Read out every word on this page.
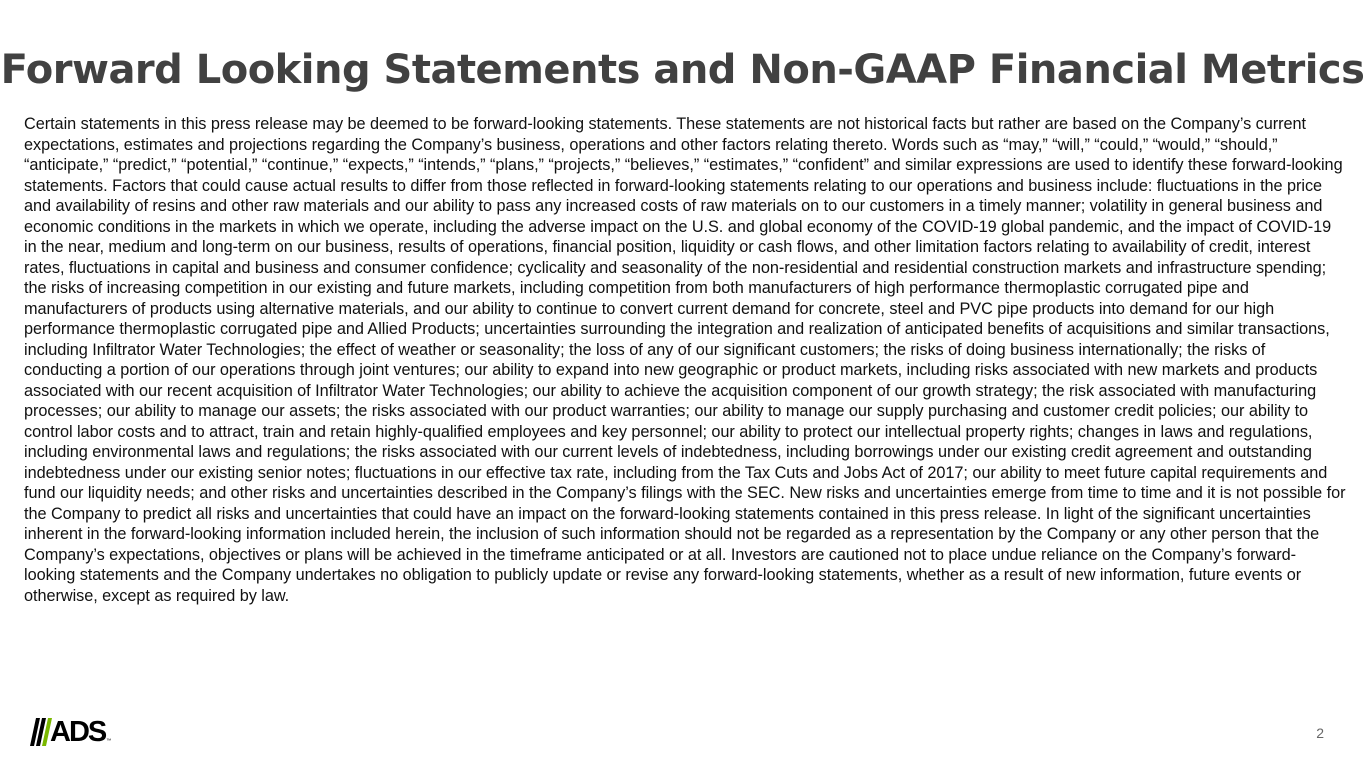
Forward Looking Statements and Non-GAAP Financial Metrics

Certain statements in this press release may be deemed to be forward-looking statements. These statements are not historical facts but rather are based on the Company’s current expectations, estimates and projections regarding the Company’s business, operations and other factors relating thereto. Words such as “may,” “will,” “could,” “would,” “should,” “anticipate,” “predict,” “potential,” “continue,” “expects,” “intends,” “plans,” “projects,” “believes,” “estimates,” “confident” and similar expressions are used to identify these forward-looking statements. Factors that could cause actual results to differ from those reflected in forward-looking statements relating to our operations and business include: fluctuations in the price and availability of resins and other raw materials and our ability to pass any increased costs of raw materials on to our customers in a timely manner; volatility in general business and economic conditions in the markets in which we operate, including the adverse impact on the U.S. and global economy of the COVID-19 global pandemic, and the impact of COVID-19 in the near, medium and long-term on our business, results of operations, financial position, liquidity or cash flows, and other limitation factors relating to availability of credit, interest rates, fluctuations in capital and business and consumer confidence; cyclicality and seasonality of the non-residential and residential construction markets and infrastructure spending; the risks of increasing competition in our existing and future markets, including competition from both manufacturers of high performance thermoplastic corrugated pipe and manufacturers of products using alternative materials, and our ability to continue to convert current demand for concrete, steel and PVC pipe products into demand for our high performance thermoplastic corrugated pipe and Allied Products; uncertainties surrounding the integration and realization of anticipated benefits of acquisitions and similar transactions, including Infiltrator Water Technologies; the effect of weather or seasonality; the loss of any of our significant customers; the risks of doing business internationally; the risks of conducting a portion of our operations through joint ventures; our ability to expand into new geographic or product markets, including risks associated with new markets and products associated with our recent acquisition of Infiltrator Water Technologies; our ability to achieve the acquisition component of our growth strategy; the risk associated with manufacturing processes; our ability to manage our assets; the risks associated with our product warranties; our ability to manage our supply purchasing and customer credit policies; our ability to control labor costs and to attract, train and retain highly-qualified employees and key personnel; our ability to protect our intellectual property rights; changes in laws and regulations, including environmental laws and regulations; the risks associated with our current levels of indebtedness, including borrowings under our existing credit agreement and outstanding indebtedness under our existing senior notes; fluctuations in our effective tax rate, including from the Tax Cuts and Jobs Act of 2017; our ability to meet future capital requirements and fund our liquidity needs; and other risks and uncertainties described in the Company’s filings with the SEC. New risks and uncertainties emerge from time to time and it is not possible for the Company to predict all risks and uncertainties that could have an impact on the forward-looking statements contained in this press release. In light of the significant uncertainties inherent in the forward-looking information included herein, the inclusion of such information should not be regarded as a representation by the Company or any other person that the Company’s expectations, objectives or plans will be achieved in the timeframe anticipated or at all. Investors are cautioned not to place undue reliance on the Company’s forward-looking statements and the Company undertakes no obligation to publicly update or revise any forward-looking statements, whether as a result of new information, future events or otherwise, except as required by law.

ADS ™	2
